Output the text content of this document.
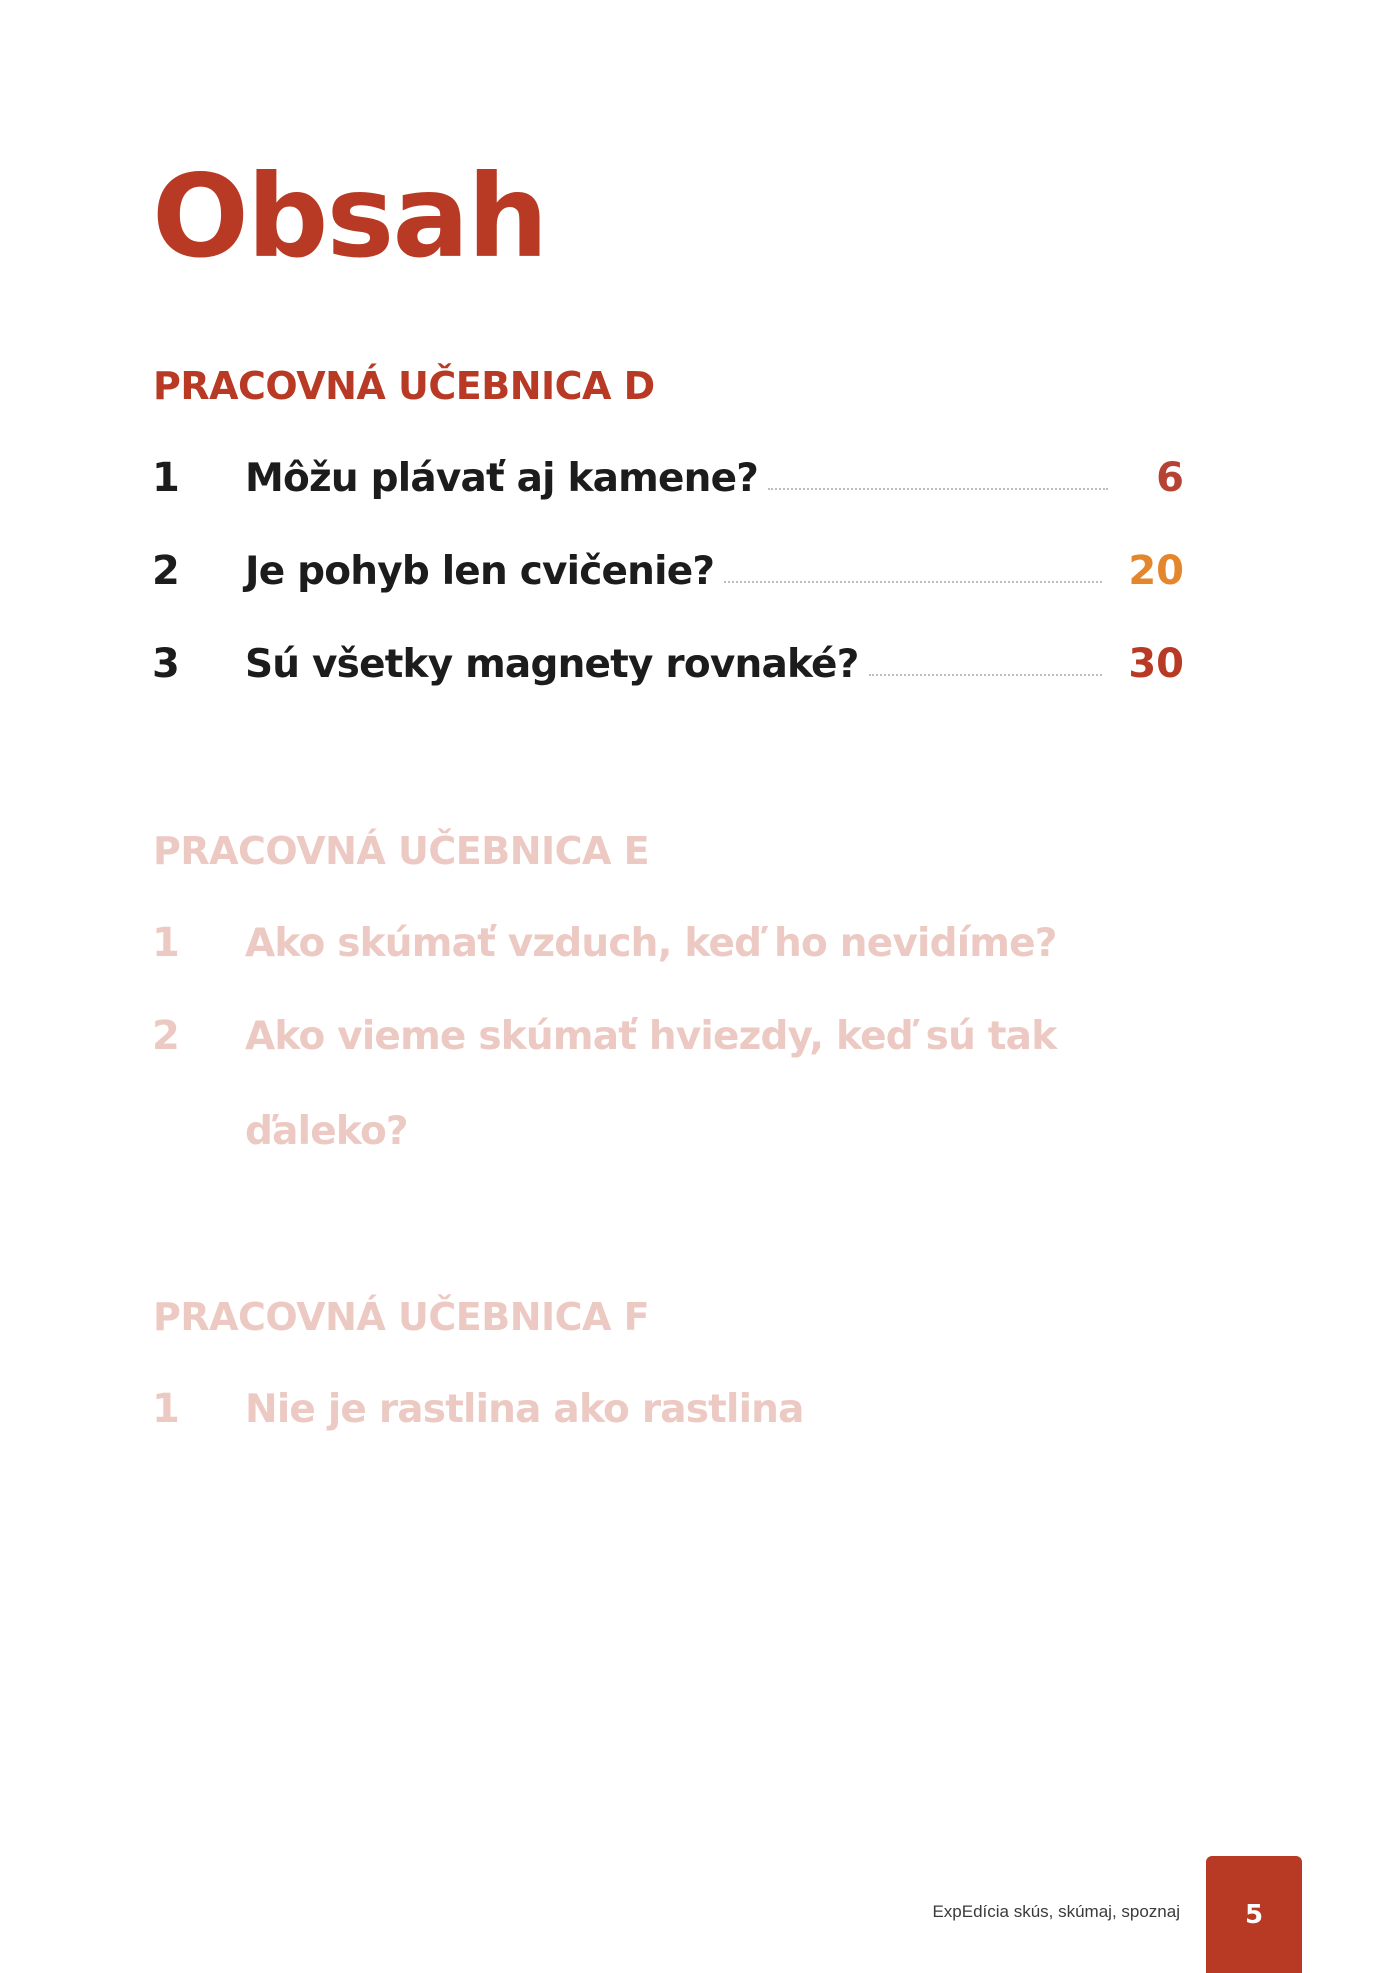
Obsah
PRACOVNÁ UČEBNICA D
1	Môžu plávať aj kamene?	6
2	Je pohyb len cvičenie?	20
3	Sú všetky magnety rovnaké?	30
PRACOVNÁ UČEBNICA E
1	Ako skúmať vzduch, keď ho nevidíme?
2	Ako vieme skúmať hviezdy, keď sú tak
ďaleko?
PRACOVNÁ UČEBNICA F
1	Nie je rastlina ako rastlina
ExpEdícia skús, skúmaj, spoznaj 5
